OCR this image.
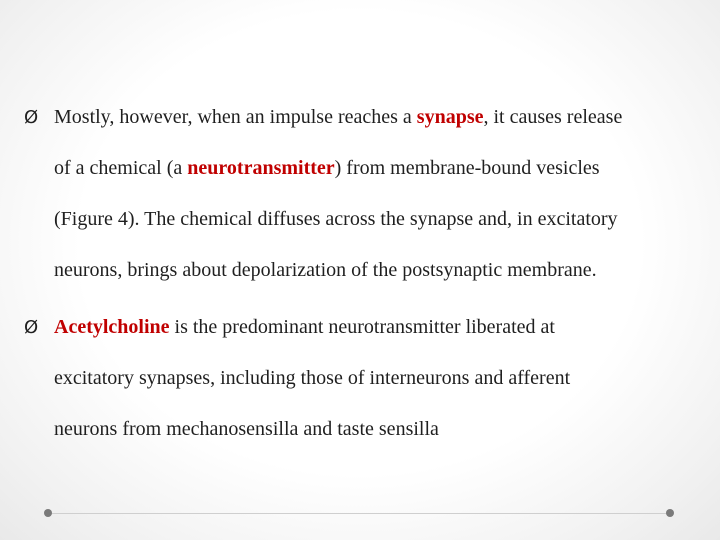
Ø Mostly, however, when an impulse reaches a synapse, it causes release
of a chemical (a neurotransmitter) from membrane-bound vesicles
(Figure 4). The chemical diffuses across the synapse and, in excitatory
neurons, brings about depolarization of the postsynaptic membrane.
Ø Acetylcholine is the predominant neurotransmitter liberated at
excitatory synapses, including those of interneurons and afferent
neurons from mechanosensilla and taste sensilla
